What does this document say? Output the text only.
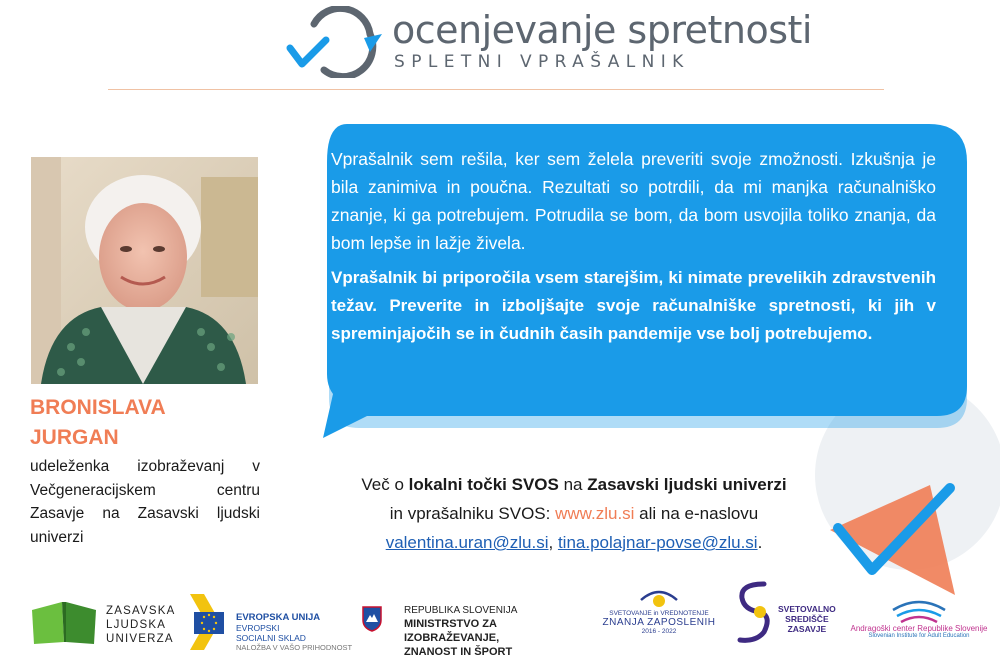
ocenjevanje spretnosti
SPLETNI VPRAŠALNIK
BRONISLAVA
JURGAN
udeleženka izobraževanj v
Večgeneracijskem centru
Zasavje na Zasavski ljudski
univerzi

Vprašalnik sem rešila, ker sem želela preveriti svoje zmožnosti. Izkušnja je bila zanimiva in poučna. Rezultati so potrdili, da mi manjka računalniško znanje, ki ga potrebujem. Potrudila se bom, da bom usvojila toliko znanja, da bom lepše in lažje živela.

Vprašalnik bi priporočila vsem starejšim, ki nimate prevelikih zdravstvenih težav. Preverite in izboljšajte svoje računalniške spretnosti, ki jih v spreminjajočih se in čudnih časih pandemije vse bolj potrebujemo.

Več o lokalni točki SVOS na Zasavski ljudski univerzi
in vprašalniku SVOS: www.zlu.si ali na e-naslovu
valentina.uran@zlu.si, tina.polajnar-povse@zlu.si.
ZASAVSKA
LJUDSKA
UNIVERZA
EVROPSKA UNIJA
EVROPSKI
SOCIALNI SKLAD
NALOŽBA V VAŠO PRIHODNOST
REPUBLIKA SLOVENIJA
MINISTRSTVO ZA IZOBRAŽEVANJE,
ZNANOST IN ŠPORT
SVETOVANJE in VREDNOTENJE
ZNANJA ZAPOSLENIH
2016 - 2022
SVETOVALNO
SREDIŠČE
ZASAVJE	Andragoški center Republike Slovenije
Slovenian Institute for Adult Education
